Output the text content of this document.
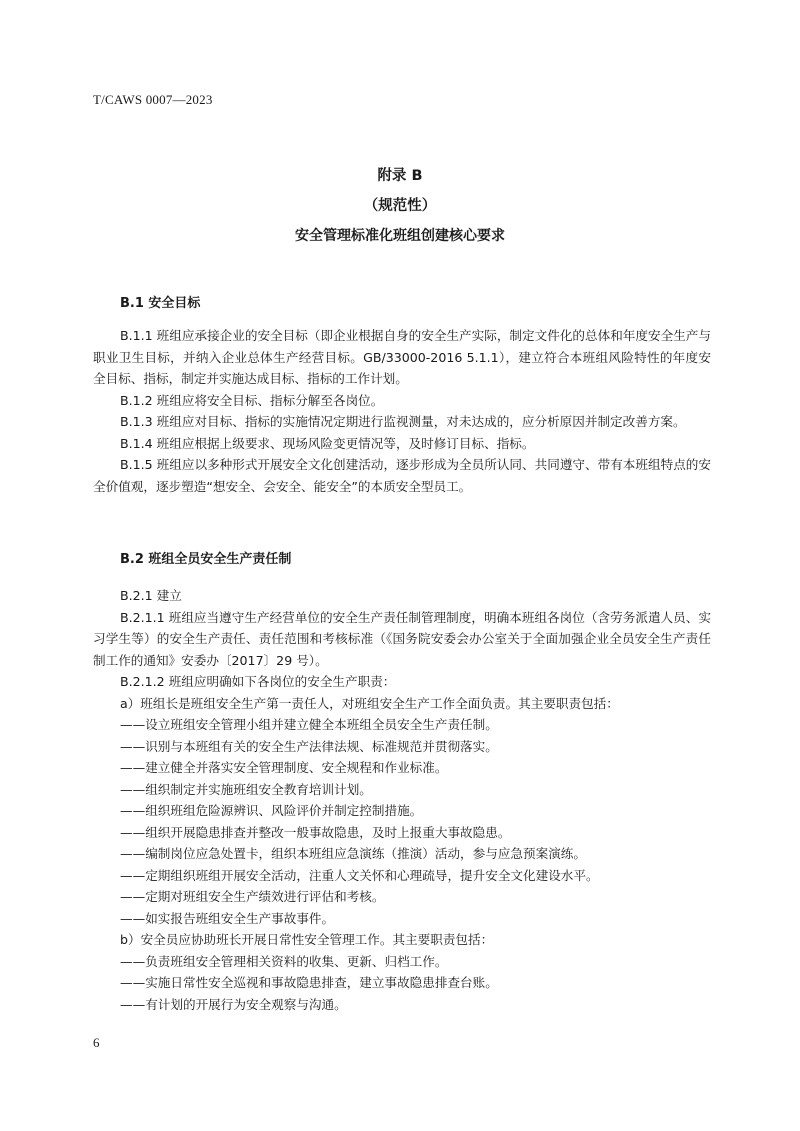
T/CAWS 0007—2023
附录 B
（规范性）
安全管理标准化班组创建核心要求
B.1 安全目标

B.1.1 班组应承接企业的安全目标（即企业根据自身的安全生产实际，制定文件化的总体和年度安全生产与职业卫生目标，并纳入企业总体生产经营目标。GB/33000-2016 5.1.1），建立符合本班组风险特性的年度安全目标、指标，制定并实施达成目标、指标的工作计划。

B.1.2 班组应将安全目标、指标分解至各岗位。

B.1.3 班组应对目标、指标的实施情况定期进行监视测量，对未达成的，应分析原因并制定改善方案。

B.1.4 班组应根据上级要求、现场风险变更情况等，及时修订目标、指标。

B.1.5 班组应以多种形式开展安全文化创建活动，逐步形成为全员所认同、共同遵守、带有本班组特点的安全价值观，逐步塑造“想安全、会安全、能安全”的本质安全型员工。

B.2 班组全员安全生产责任制

B.2.1 建立

B.2.1.1 班组应当遵守生产经营单位的安全生产责任制管理制度，明确本班组各岗位（含劳务派遣人员、实习学生等）的安全生产责任、责任范围和考核标准（《国务院安委会办公室关于全面加强企业全员安全生产责任制工作的通知》安委办〔2017〕29 号）。

B.2.1.2 班组应明确如下各岗位的安全生产职责：

a）班组长是班组安全生产第一责任人，对班组安全生产工作全面负责。其主要职责包括：

——设立班组安全管理小组并建立健全本班组全员安全生产责任制。

——识别与本班组有关的安全生产法律法规、标准规范并贯彻落实。

——建立健全并落实安全管理制度、安全规程和作业标准。

——组织制定并实施班组安全教育培训计划。

——组织班组危险源辨识、风险评价并制定控制措施。

——组织开展隐患排查并整改一般事故隐患，及时上报重大事故隐患。

——编制岗位应急处置卡，组织本班组应急演练（推演）活动，参与应急预案演练。

——定期组织班组开展安全活动，注重人文关怀和心理疏导，提升安全文化建设水平。

——定期对班组安全生产绩效进行评估和考核。

——如实报告班组安全生产事故事件。

b）安全员应协助班长开展日常性安全管理工作。其主要职责包括：

——负责班组安全管理相关资料的收集、更新、归档工作。

——实施日常性安全巡视和事故隐患排查，建立事故隐患排查台账。

——有计划的开展行为安全观察与沟通。

6
